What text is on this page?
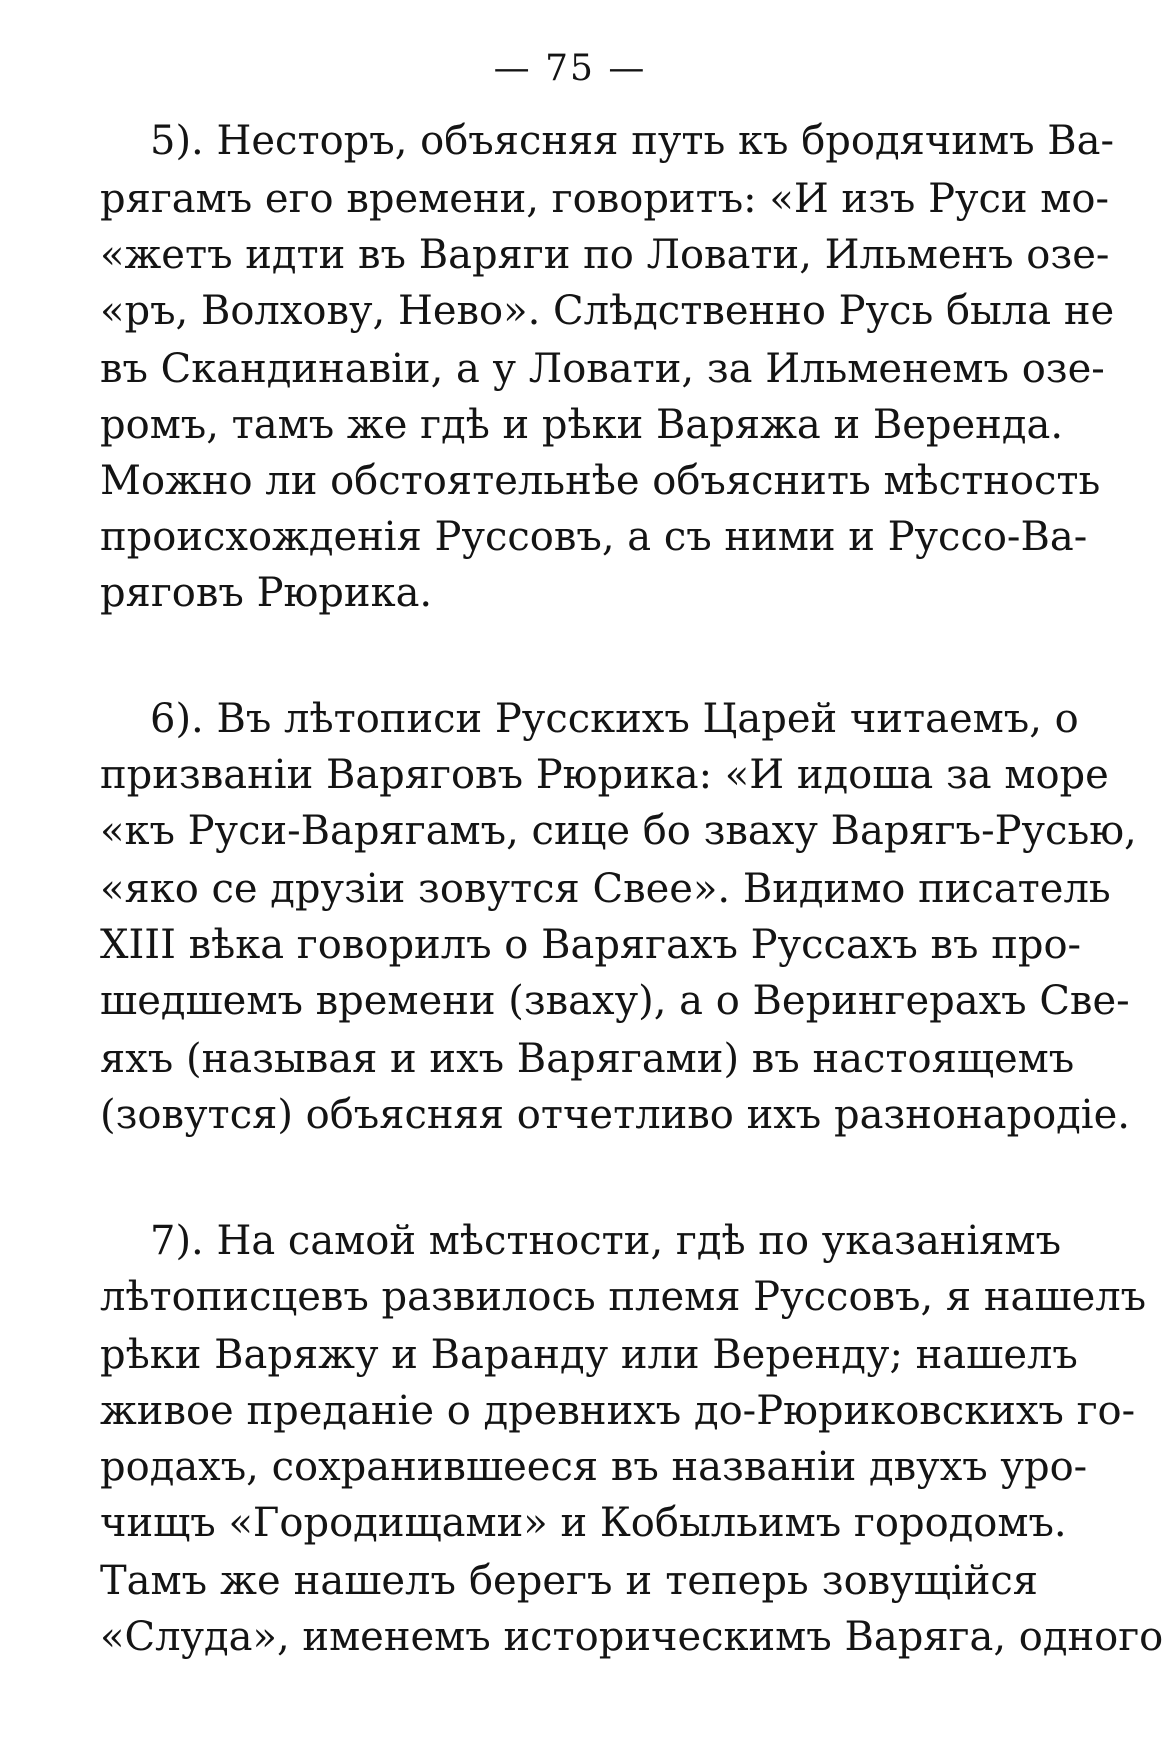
— 75 —
5). Несторъ, объясняя путь къ бродячимъ Ва-
рягамъ его времени, говоритъ: «И изъ Руси мо-
«жетъ идти въ Варяги по Ловати, Ильменъ озе-
«ръ, Волхову, Нево». Слѣдственно Русь была не
въ Скандинавіи, а у Ловати, за Ильменемъ озе-
ромъ, тамъ же гдѣ и рѣки Варяжа и Веренда.
Можно ли обстоятельнѣе объяснить мѣстность
происхожденія Руссовъ, а съ ними и Руссо-Ва-
ряговъ Рюрика.
6). Въ лѣтописи Русскихъ Царей читаемъ, о
призваніи Варяговъ Рюрика: «И идоша за море
«къ Руси-Варягамъ, сице бо зваху Варягъ-Русью,
«яко се друзіи зовутся Свее». Видимо писатель
XIII вѣка говорилъ о Варягахъ Руссахъ въ про-
шедшемъ времени (зваху), а о Верингерахъ Све-
яхъ (называя и ихъ Варягами) въ настоящемъ
(зовутся) объясняя отчетливо ихъ разнонародіе.
7). На самой мѣстности, гдѣ по указаніямъ
лѣтописцевъ развилось племя Руссовъ, я нашелъ
рѣки Варяжу и Варанду или Веренду; нашелъ
живое преданіе о древнихъ до-Рюриковскихъ го-
родахъ, сохранившееся въ названіи двухъ уро-
чищъ «Городищами» и Кобыльимъ городомъ.
Тамъ же нашелъ берегъ и теперь зовущійся
«Слуда», именемъ историческимъ Варяга, одного
